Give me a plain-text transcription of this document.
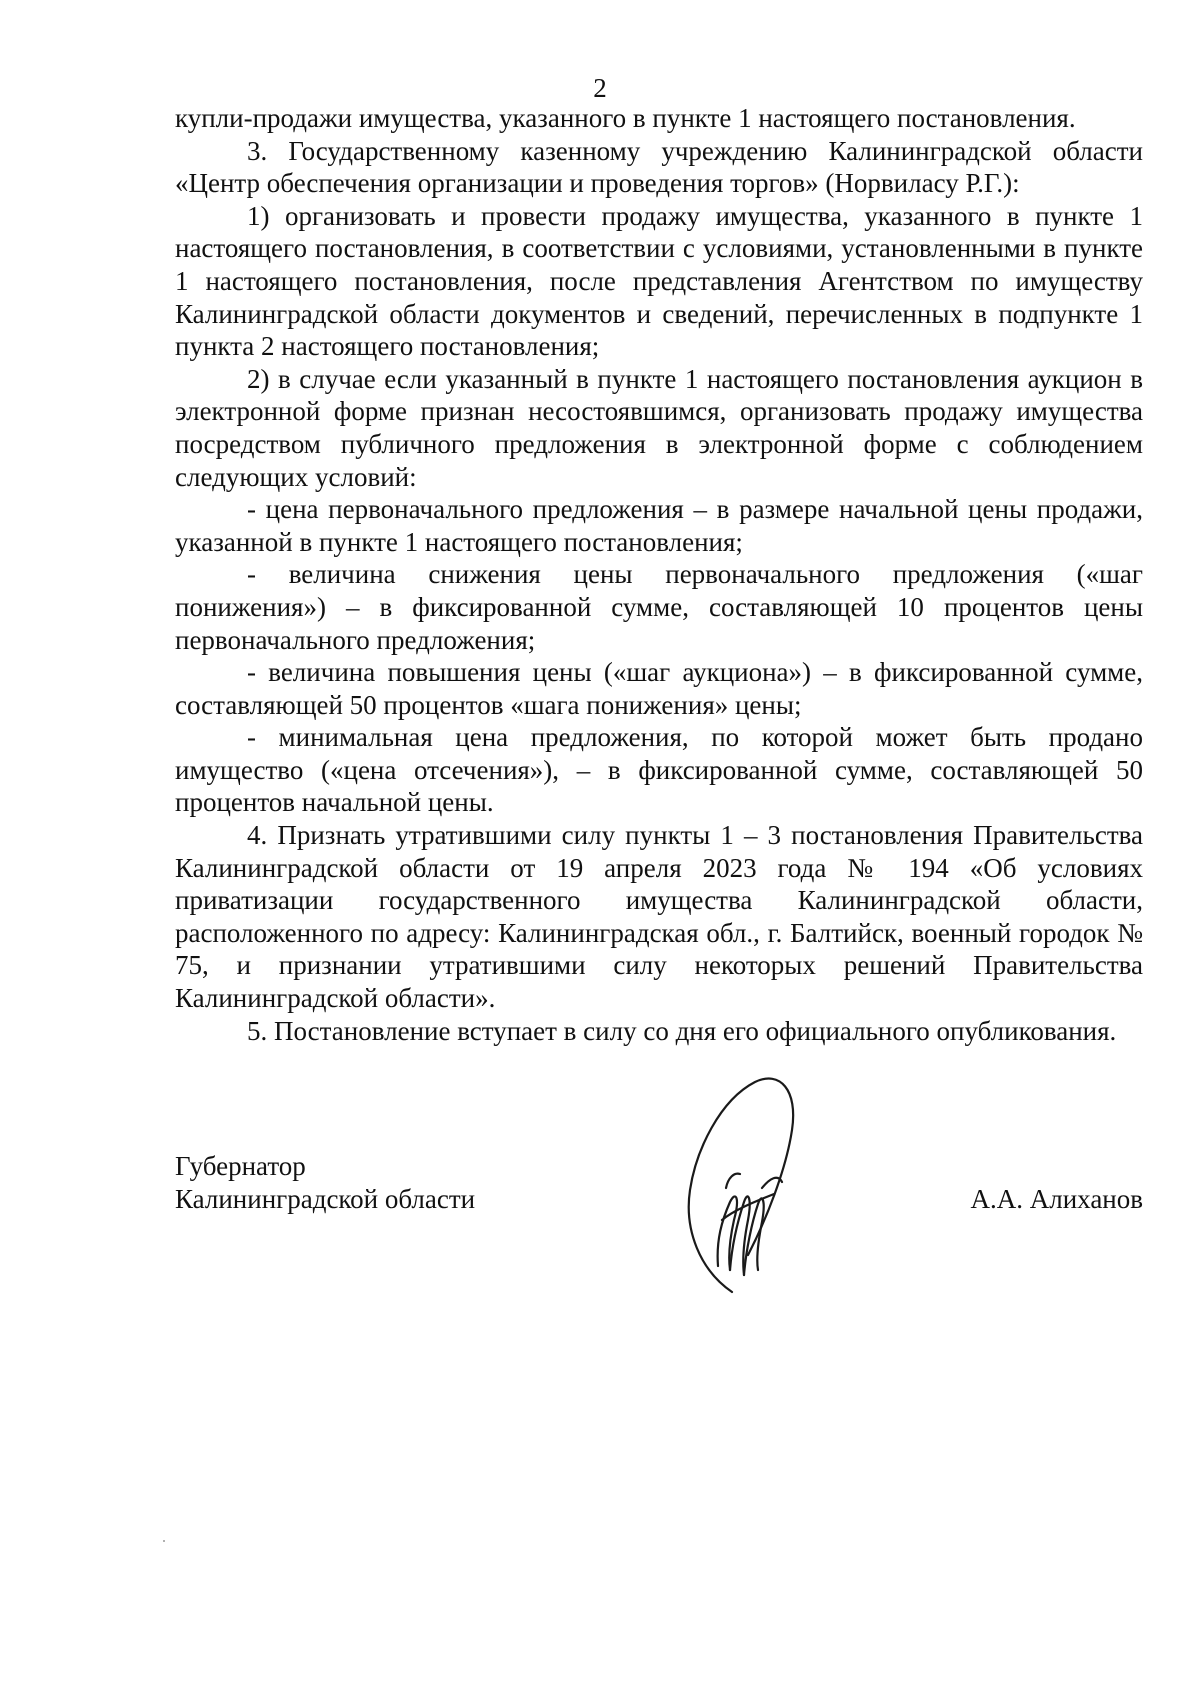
2

купли-продажи имущества, указанного в пункте 1 настоящего постановления.

3. Государственному казенному учреждению Калининградской области «Центр обеспечения организации и проведения торгов» (Норвиласу Р.Г.):

1) организовать и провести продажу имущества, указанного в пункте 1 настоящего постановления, в соответствии с условиями, установленными в пункте 1 настоящего постановления, после представления Агентством по имуществу Калининградской области документов и сведений, перечисленных в подпункте 1 пункта 2 настоящего постановления;

2) в случае если указанный в пункте 1 настоящего постановления аукцион в электронной форме признан несостоявшимся, организовать продажу имущества посредством публичного предложения в электронной форме с соблюдением следующих условий:

- цена первоначального предложения – в размере начальной цены продажи, указанной в пункте 1 настоящего постановления;

- величина снижения цены первоначального предложения («шаг понижения») – в фиксированной сумме, составляющей 10 процентов цены первоначального предложения;

- величина повышения цены («шаг аукциона») – в фиксированной сумме, составляющей 50 процентов «шага понижения» цены;

- минимальная цена предложения, по которой может быть продано имущество («цена отсечения»), – в фиксированной сумме, составляющей 50 процентов начальной цены.

4. Признать утратившими силу пункты 1 – 3 постановления Правительства Калининградской области от 19 апреля 2023 года № 194 «Об условиях приватизации государственного имущества Калининградской области, расположенного по адресу: Калининградская обл., г. Балтийск, военный городок № 75, и признании утратившими силу некоторых решений Правительства Калининградской области».

5. Постановление вступает в силу со дня его официального опубликования.

Губернатор
Калининградской области	А.А. Алиханов
